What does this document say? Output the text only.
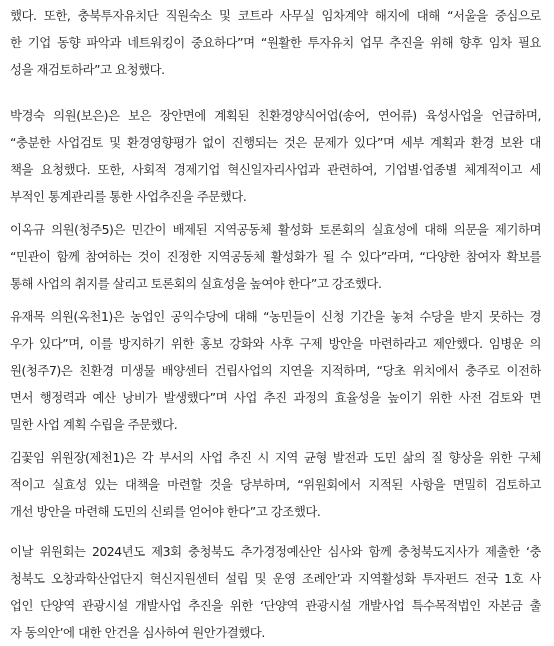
했다. 또한, 충북투자유치단 직원숙소 및 코트라 사무실 임차계약 해지에 대해 “서울을 중심으로
한 기업 동향 파악과 네트워킹이 중요하다”며 “원활한 투자유치 업무 추진을 위해 향후 임차 필요
성을 재검토하라”고 요청했다.
박경숙 의원(보은)은 보은 장안면에 계획된 친환경양식어업(송어, 연어류) 육성사업을 언급하며,
“충분한 사업검토 및 환경영향평가 없이 진행되는 것은 문제가 있다”며 세부 계획과 환경 보완 대
책을 요청했다. 또한, 사회적 경제기업 혁신일자리사업과 관련하여, 기업별·업종별 체계적이고 세
부적인 통계관리를 통한 사업추진을 주문했다.
이옥규 의원(청주5)은 민간이 배제된 지역공동체 활성화 토론회의 실효성에 대해 의문을 제기하며
“민관이 함께 참여하는 것이 진정한 지역공동체 활성화가 될 수 있다”라며, “다양한 참여자 확보를
통해 사업의 취지를 살리고 토론회의 실효성을 높여야 한다”고 강조했다.
유재목 의원(옥천1)은 농업인 공익수당에 대해 “농민들이 신청 기간을 놓쳐 수당을 받지 못하는 경
우가 있다”며, 이를 방지하기 위한 홍보 강화와 사후 구제 방안을 마련하라고 제안했다. 임병운 의
원(청주7)은 친환경 미생물 배양센터 건립사업의 지연을 지적하며, “당초 위치에서 충주로 이전하
면서 행정력과 예산 낭비가 발생했다”며 사업 추진 과정의 효율성을 높이기 위한 사전 검토와 면
밀한 사업 계획 수립을 주문했다.
김꽃임 위원장(제천1)은 각 부서의 사업 추진 시 지역 균형 발전과 도민 삶의 질 향상을 위한 구체
적이고 실효성 있는 대책을 마련할 것을 당부하며, “위원회에서 지적된 사항을 면밀히 검토하고
개선 방안을 마련해 도민의 신뢰를 얻어야 한다”고 강조했다.
이날 위원회는 2024년도 제3회 충청북도 추가경정예산안 심사와 함께 충청북도지사가 제출한 ‘충
청북도 오창과학산업단지 혁신지원센터 설립 및 운영 조례안’과 지역활성화 투자펀드 전국 1호 사
업인 단양역 관광시설 개발사업 추진을 위한 ‘단양역 관광시설 개발사업 특수목적법인 자본금 출
자 동의안’에 대한 안건을 심사하여 원안가결했다.
